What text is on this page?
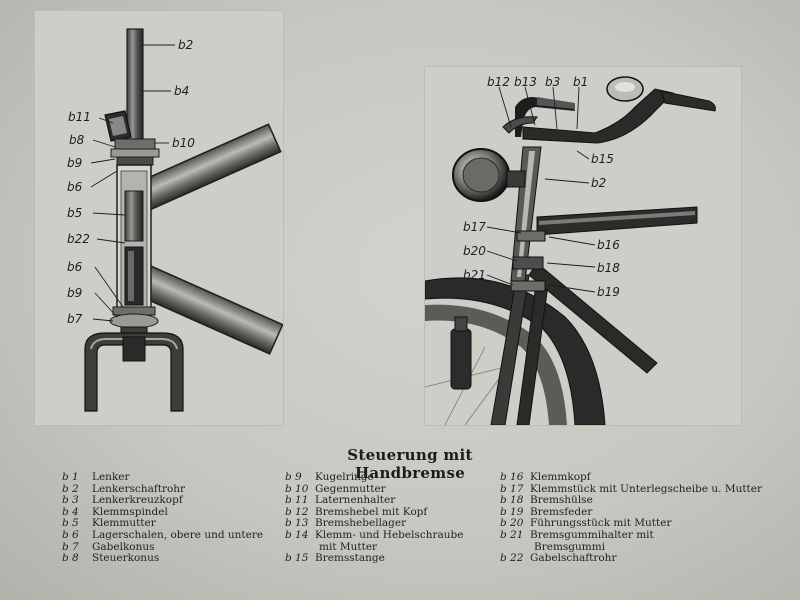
b2
b4
b11
b8	b10
b9
b6
b5
b22
b6
b9
b7
b12 b13 b3 b1
b15
b2
b17
b16
b20
b18
b21
b19
Steuerung mit Handbremse
b 1 Lenker
b 2 Lenkerschaftrohr
b 3 Lenkerkreuzkopf
b 4 Klemmspindel
b 5 Klemmutter
b 6 Lagerschalen, obere und untere
b 7 Gabelkonus
b 8 Steuerkonus
b 9 Kugelringe
b 10 Gegenmutter
b 11 Laternenhalter
b 12 Bremshebel mit Kopf
b 13 Bremshebellager
b 14 Klemm- und Hebelschraube
mit Mutter
b 15 Bremsstange
b 16 Klemmkopf
b 17 Klemmstück mit Unterlegscheibe u. Mutter
b 18 Bremshülse
b 19 Bremsfeder
b 20 Führungsstück mit Mutter
b 21 Bremsgummihalter mit
Bremsgummi
b 22 Gabelschaftrohr
